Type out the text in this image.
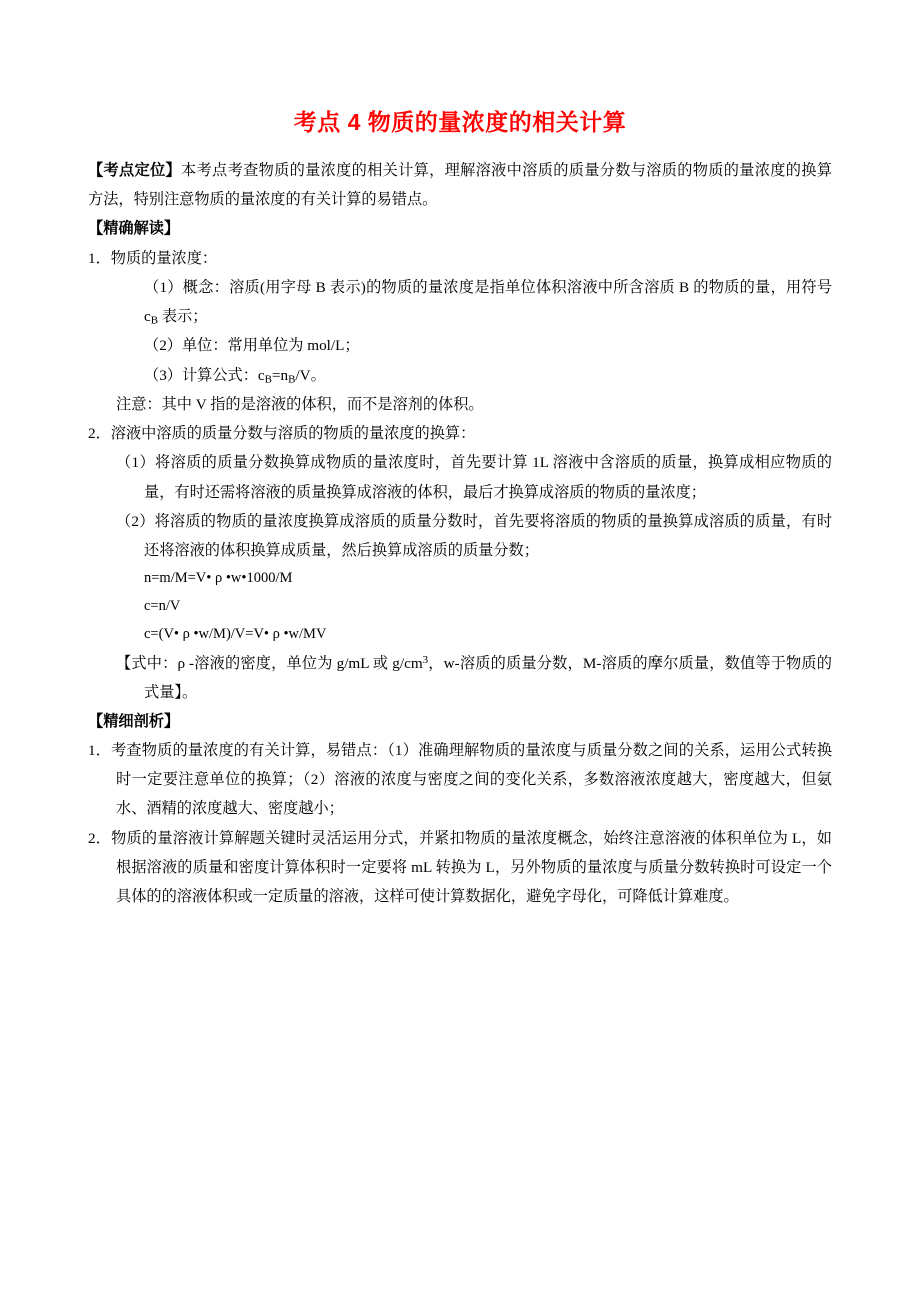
考点 4 物质的量浓度的相关计算

【考点定位】本考点考查物质的量浓度的相关计算，理解溶液中溶质的质量分数与溶质的物质的量浓度的换算方法，特别注意物质的量浓度的有关计算的易错点。

【精确解读】

1．物质的量浓度：

（1）概念：溶质(用字母 B 表示)的物质的量浓度是指单位体积溶液中所含溶质 B 的物质的量，用符号 $c_B$ 表示；

（2）单位：常用单位为 mol/L；

（3）计算公式：$c_B=n_B/V$。

注意：其中 V 指的是溶液的体积，而不是溶剂的体积。

2．溶液中溶质的质量分数与溶质的物质的量浓度的换算：

（1）将溶质的质量分数换算成物质的量浓度时，首先要计算 1L 溶液中含溶质的质量，换算成相应物质的量，有时还需将溶液的质量换算成溶液的体积，最后才换算成溶质的物质的量浓度；

（2）将溶质的物质的量浓度换算成溶质的质量分数时，首先要将溶质的物质的量换算成溶质的质量，有时还将溶液的体积换算成质量，然后换算成溶质的质量分数；

n=m/M=V• ρ •w•1000/M

c=n/V

c=(V• ρ •w/M)/V=V• ρ •w/MV

【式中：ρ -溶液的密度，单位为 g/mL 或 $g/cm^3$，w-溶质的质量分数，M-溶质的摩尔质量，数值等于物质的式量】。

【精细剖析】

1．考查物质的量浓度的有关计算，易错点：（1）准确理解物质的量浓度与质量分数之间的关系，运用公式转换时一定要注意单位的换算；（2）溶液的浓度与密度之间的变化关系，多数溶液浓度越大，密度越大，但氨水、酒精的浓度越大、密度越小；

2．物质的量溶液计算解题关键时灵活运用分式，并紧扣物质的量浓度概念，始终注意溶液的体积单位为 L，如根据溶液的质量和密度计算体积时一定要将 mL 转换为 L，另外物质的量浓度与质量分数转换时可设定一个具体的的溶液体积或一定质量的溶液，这样可使计算数据化，避免字母化，可降低计算难度。
